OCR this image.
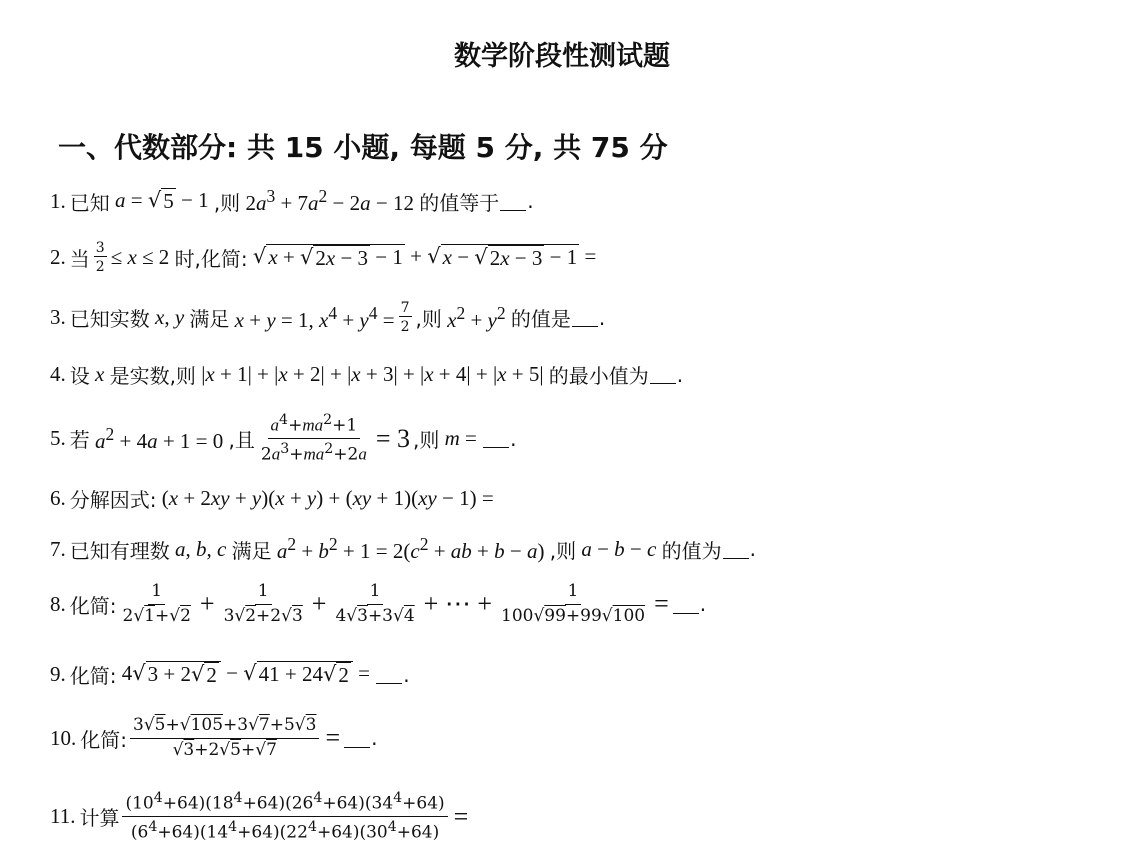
数学阶段性测试题
一、代数部分: 共 15 小题, 每题 5 分, 共 75 分
1. 已知 a = √ 5 − 1 ,则 $2a^3 + 7a^2 - 2a - 12$ 的值等于 .
2. 当 $\frac{3}{2} \le x \le 2$ 时,化简:
√ x + √ 2x − 3 − 1 + √ x − √ 2x − 3 − 1 =
3. 已知实数 x, y 满足 x + y = 1, $x^4 + y^4 = \frac{7}{2}$ ,则 $x^2 + y^2$ 的值是 .
4. 设 x 是实数,则 |x + 1| + |x + 2| + |x + 3| + |x + 4| + |x + 5| 的最小值为 .
5. 若 $a^2 + 4a + 1 = 0$ ,且 $\frac{a^4+ma^2+1}{2a^3+ma^2+2a} = 3$ ,则 m = .
6. 分解因式: (x + 2xy + y)(x + y) + (xy + 1)(xy − 1) =
7. 已知有理数 a, b, c 满足 $a^2 + b^2 + 1 = 2(c^2$ + ab + b − a) ,则 a − b − c 的值为 .
8. 化简: $\frac{1}{2√1+√2} + \frac{1}{3√2+2√3} + \frac{1}{4√3+3√4}$ + ⋯ + $\frac{1}{100√99+99√100}$ = .
9. 化简: 4 √ 3 + 2 √ 2 − √ 41 + 24 √ 2 = .
10. 化简: $\frac{3√5+√105+3√7+5√3}{√3+2√5+√7}$ = .
11. 计算 $\frac{(10^4+64)(18^4+64)(26^4+64)(34^4+64)}{(6^4+64)(14^4+64)(22^4+64)(30^4+64)}$ =
